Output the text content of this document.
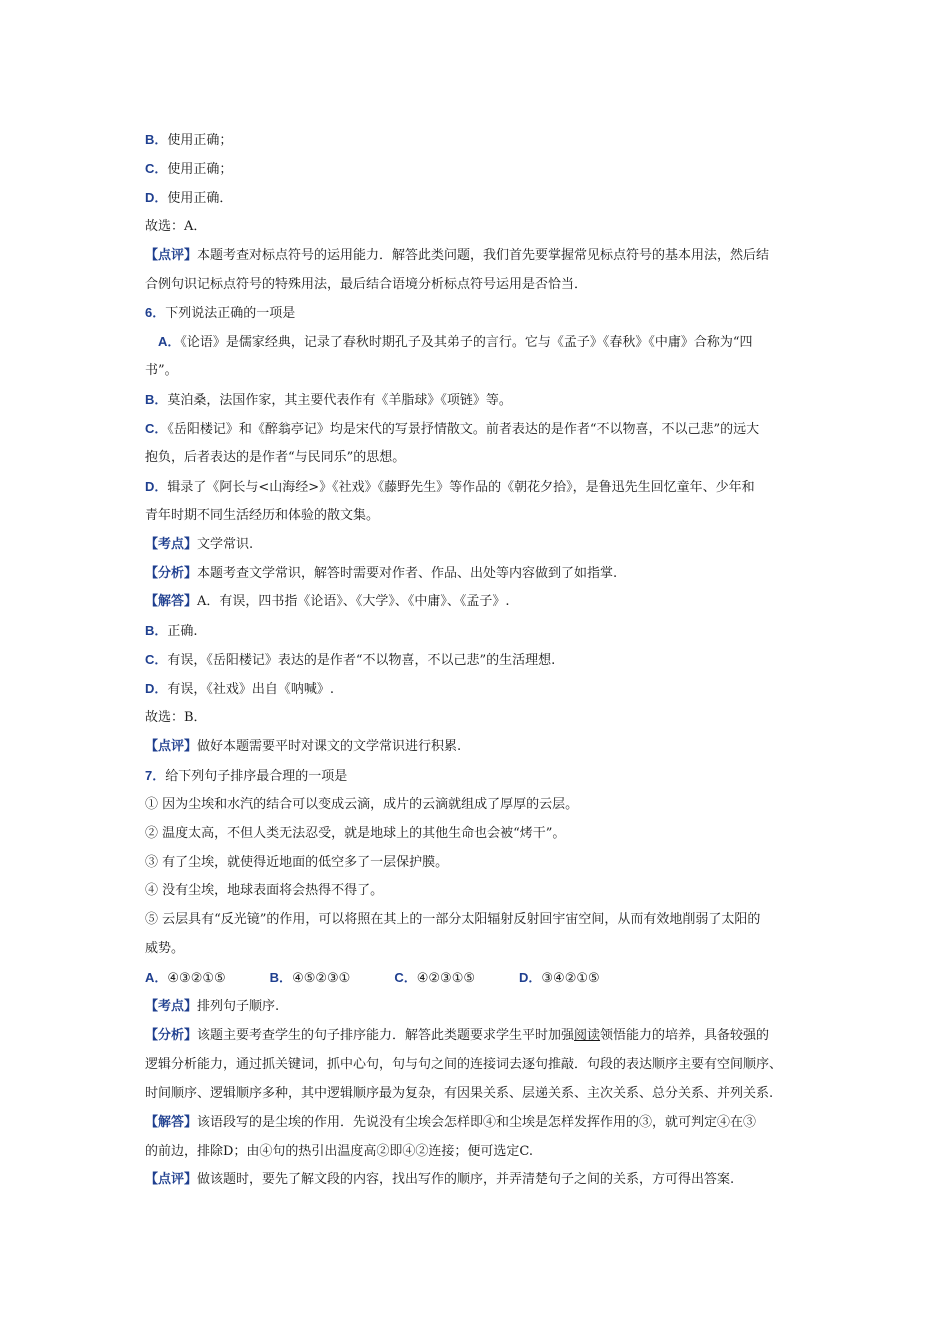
B．使用正确；
C．使用正确；
D．使用正确．
故选：A．
【点评】本题考查对标点符号的运用能力．解答此类问题，我们首先要掌握常见标点符号的基本用法，然后结
合例句识记标点符号的特殊用法，最后结合语境分析标点符号运用是否恰当．
6．下列说法正确的一项是
　A．《论语》是儒家经典，记录了春秋时期孔子及其弟子的言行。它与《孟子》《春秋》《中庸》合称为“四
书”。
B．莫泊桑，法国作家，其主要代表作有《羊脂球》《项链》等。
C．《岳阳楼记》和《醉翁亭记》均是宋代的写景抒情散文。前者表达的是作者“不以物喜，不以己悲”的远大
抱负，后者表达的是作者“与民同乐”的思想。
D．辑录了《阿长与<山海经>》《社戏》《藤野先生》等作品的《朝花夕拾》，是鲁迅先生回忆童年、少年和
青年时期不同生活经历和体验的散文集。
【考点】文学常识.
【分析】本题考查文学常识，解答时需要对作者、作品、出处等内容做到了如指掌.
【解答】A．有误，四书指《论语》、《大学》、《中庸》、《孟子》.
B．正确.
C．有误，《岳阳楼记》表达的是作者“不以物喜，不以己悲”的生活理想.
D．有误，《社戏》出自《呐喊》.
故选：B．
【点评】做好本题需要平时对课文的文学常识进行积累.
7．给下列句子排序最合理的一项是
① 因为尘埃和水汽的结合可以变成云滴，成片的云滴就组成了厚厚的云层。
② 温度太高，不但人类无法忍受，就是地球上的其他生命也会被“烤干”。
③ 有了尘埃，就使得近地面的低空多了一层保护膜。
④ 没有尘埃，地球表面将会热得不得了。
⑤ 云层具有“反光镜”的作用，可以将照在其上的一部分太阳辐射反射回宇宙空间，从而有效地削弱了太阳的
威势。
A．④③②①⑤	B．④⑤②③①	C．④②③①⑤	D．③④②①⑤
【考点】排列句子顺序.
【分析】该题主要考查学生的句子排序能力．解答此类题要求学生平时加强阅读领悟能力的培养，具备较强的
逻辑分析能力，通过抓关键词，抓中心句，句与句之间的连接词去逐句推敲．句段的表达顺序主要有空间顺序、
时间顺序、逻辑顺序多种，其中逻辑顺序最为复杂，有因果关系、层递关系、主次关系、总分关系、并列关系.
【解答】该语段写的是尘埃的作用．先说没有尘埃会怎样即④和尘埃是怎样发挥作用的③，就可判定④在③
的前边，排除D；由④句的热引出温度高②即④②连接；便可选定C.
【点评】做该题时，要先了解文段的内容，找出写作的顺序，并弄清楚句子之间的关系，方可得出答案.
